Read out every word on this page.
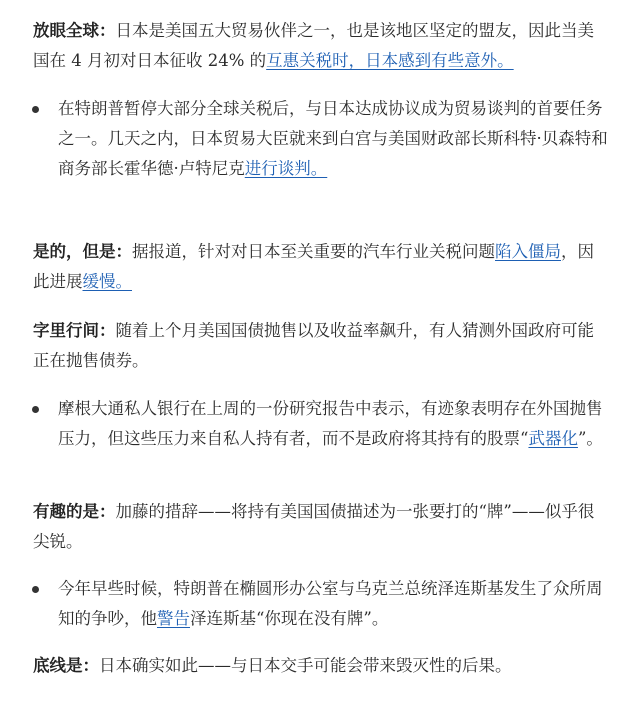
放眼全球：日本是美国五大贸易伙伴之一，也是该地区坚定的盟友，因此当美国在 4 月初对日本征收 24% 的互惠关税时，日本感到有些意外。

在特朗普暂停大部分全球关税后，与日本达成协议成为贸易谈判的首要任务之一。几天之内，日本贸易大臣就来到白宫与美国财政部长斯科特·贝森特和商务部长霍华德·卢特尼克进行谈判。

是的，但是：据报道，针对对日本至关重要的汽车行业关税问题陷入僵局，因此进展缓慢。

字里行间：随着上个月美国国债抛售以及收益率飙升，有人猜测外国政府可能正在抛售债券。

摩根大通私人银行在上周的一份研究报告中表示，有迹象表明存在外国抛售压力，但这些压力来自私人持有者，而不是政府将其持有的股票“武器化”。

有趣的是：加藤的措辞——将持有美国国债描述为一张要打的“牌”——似乎很尖锐。

今年早些时候，特朗普在椭圆形办公室与乌克兰总统泽连斯基发生了众所周知的争吵，他警告泽连斯基“你现在没有牌”。

底线是：日本确实如此——与日本交手可能会带来毁灭性的后果。
